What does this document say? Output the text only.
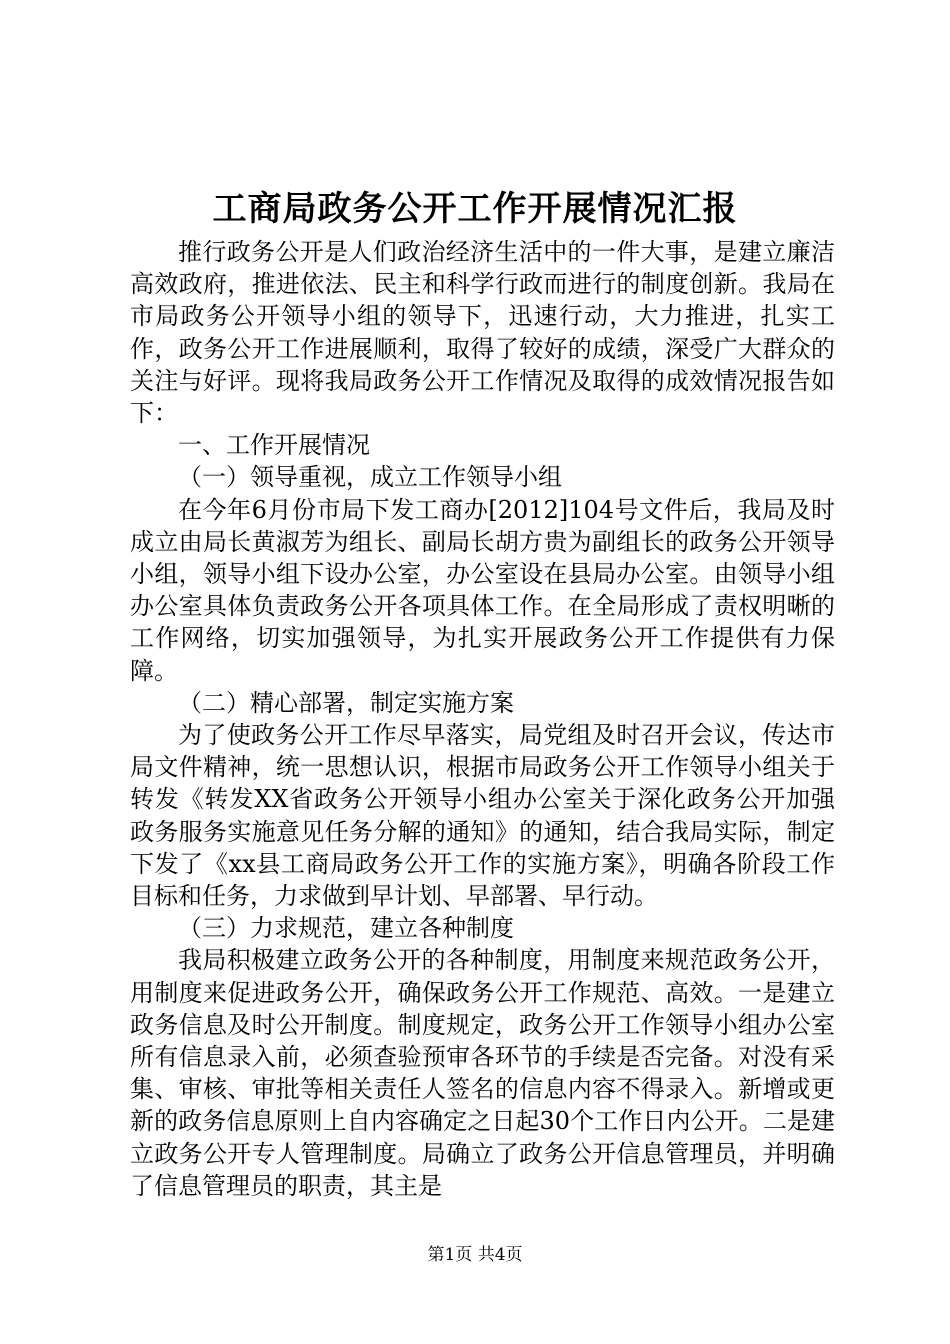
工商局政务公开工作开展情况汇报

推行政务公开是人们政治经济生活中的一件大事，是建立廉洁高效政府，推进依法、民主和科学行政而进行的制度创新。我局在市局政务公开领导小组的领导下，迅速行动，大力推进，扎实工作，政务公开工作进展顺利，取得了较好的成绩，深受广大群众的关注与好评。现将我局政务公开工作情况及取得的成效情况报告如下：

一、工作开展情况

（一）领导重视，成立工作领导小组

在今年6月份市局下发工商办[2012]104号文件后，我局及时成立由局长黄淑芳为组长、副局长胡方贵为副组长的政务公开领导小组，领导小组下设办公室，办公室设在县局办公室。由领导小组办公室具体负责政务公开各项具体工作。在全局形成了责权明晰的工作网络，切实加强领导，为扎实开展政务公开工作提供有力保障。

（二）精心部署，制定实施方案

为了使政务公开工作尽早落实，局党组及时召开会议，传达市局文件精神，统一思想认识，根据市局政务公开工作领导小组关于转发《转发XX省政务公开领导小组办公室关于深化政务公开加强政务服务实施意见任务分解的通知》的通知，结合我局实际，制定下发了《xx县工商局政务公开工作的实施方案》，明确各阶段工作目标和任务，力求做到早计划、早部署、早行动。

（三）力求规范，建立各种制度

我局积极建立政务公开的各种制度，用制度来规范政务公开，用制度来促进政务公开，确保政务公开工作规范、高效。一是建立政务信息及时公开制度。制度规定，政务公开工作领导小组办公室所有信息录入前，必须查验预审各环节的手续是否完备。对没有采集、审核、审批等相关责任人签名的信息内容不得录入。新增或更新的政务信息原则上自内容确定之日起30个工作日内公开。二是建立政务公开专人管理制度。局确立了政务公开信息管理员，并明确了信息管理员的职责，其主是

第1页 共4页
